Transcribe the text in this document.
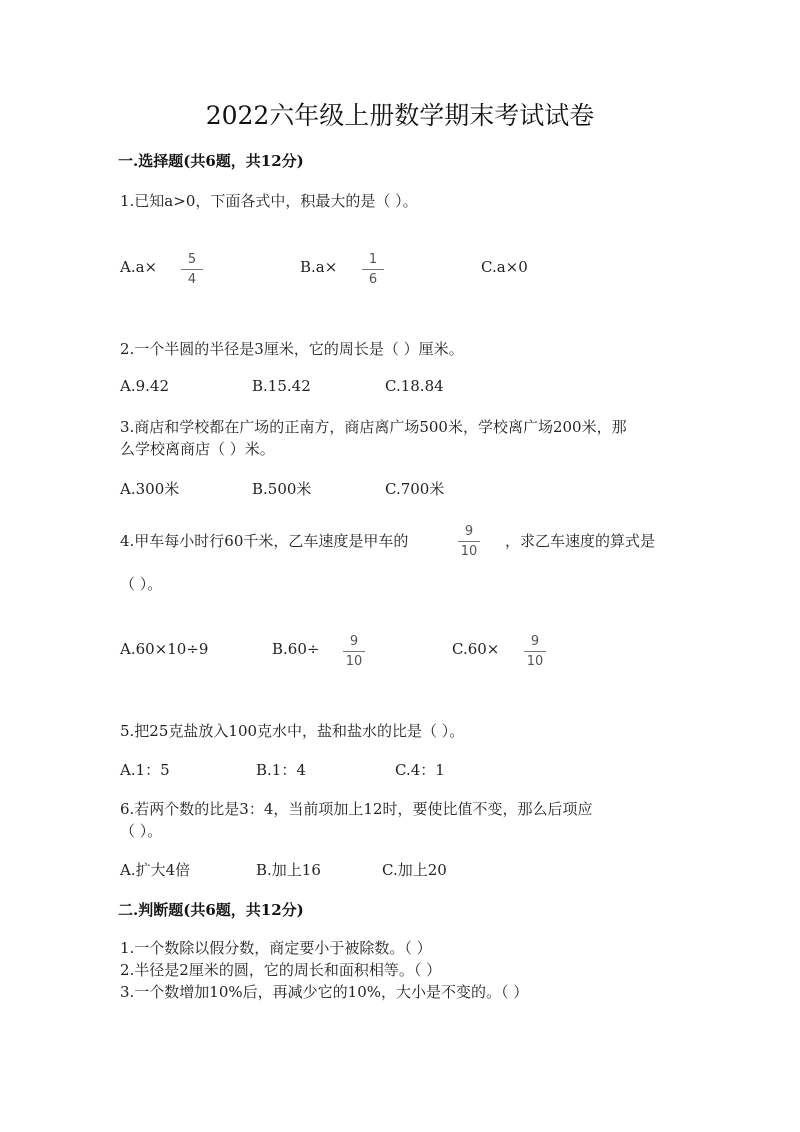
2022六年级上册数学期末考试试卷
一.选择题(共6题，共12分)
1.已知a>0，下面各式中，积最大的是（ ）。
A.a× 5
4
B.a× 1
6
C.a×0
2.一个半圆的半径是3厘米，它的周长是（ ）厘米。
A.9.42	B.15.42	C.18.84
3.商店和学校都在广场的正南方，商店离广场500米，学校离广场200米，那
么学校离商店（ ）米。
A.300米	B.500米	C.700米
4.甲车每小时行60千米，乙车速度是甲车的
9
10
，求乙车速度的算式是
（ ）。
A.60×10÷9	B.60÷ 9
10
C.60× 9
10
5.把25克盐放入100克水中，盐和盐水的比是（ ）。
A.1：5	B.1：4	C.4：1
6.若两个数的比是3：4，当前项加上12时，要使比值不变，那么后项应
（ ）。
A.扩大4倍	B.加上16	C.加上20
二.判断题(共6题，共12分)
1.一个数除以假分数，商定要小于被除数。（ ）
2.半径是2厘米的圆，它的周长和面积相等。（ ）
3.一个数增加10%后，再减少它的10%，大小是不变的。（ ）
